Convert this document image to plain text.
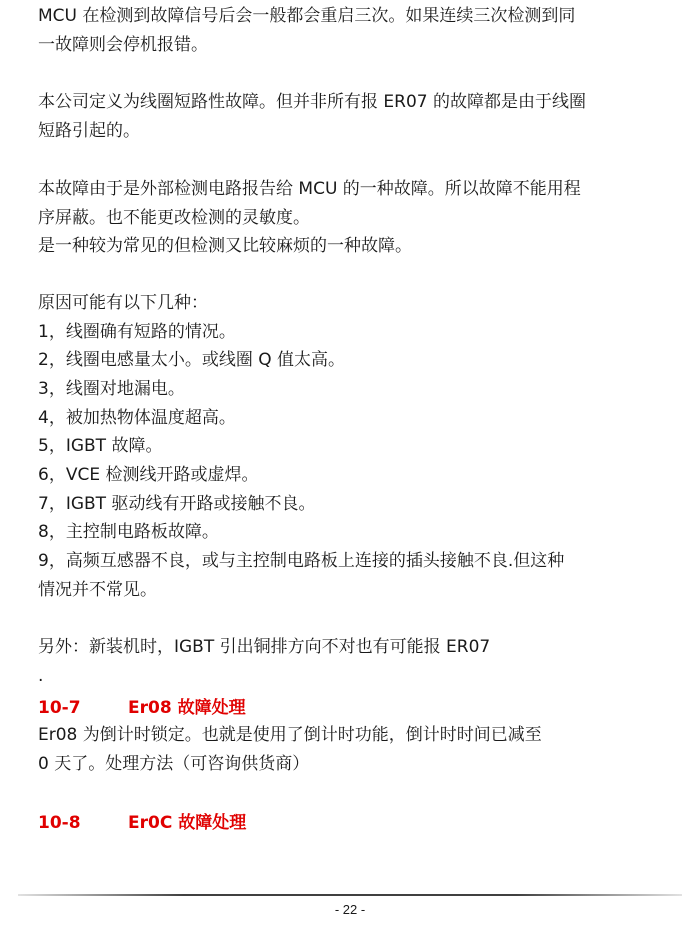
MCU 在检测到故障信号后会一般都会重启三次。如果连续三次检测到同

一故障则会停机报错。

本公司定义为线圈短路性故障。但并非所有报 ER07 的故障都是由于线圈

短路引起的。

本故障由于是外部检测电路报告给 MCU 的一种故障。所以故障不能用程

序屏蔽。也不能更改检测的灵敏度。

是一种较为常见的但检测又比较麻烦的一种故障。

原因可能有以下几种：

1，线圈确有短路的情况。

2，线圈电感量太小。或线圈 Q 值太高。

3，线圈对地漏电。

4，被加热物体温度超高。

5，IGBT 故障。

6，VCE 检测线开路或虚焊。

7，IGBT 驱动线有开路或接触不良。

8，主控制电路板故障。

9，高频互感器不良，或与主控制电路板上连接的插头接触不良.但这种

情况并不常见。

另外：新装机时，IGBT 引出铜排方向不对也有可能报 ER07

.

10-7	Er08 故障处理

Er08 为倒计时锁定。也就是使用了倒计时功能，倒计时时间已减至

0 天了。处理方法（可咨询供货商）

10-8	Er0C 故障处理
- 22 -
